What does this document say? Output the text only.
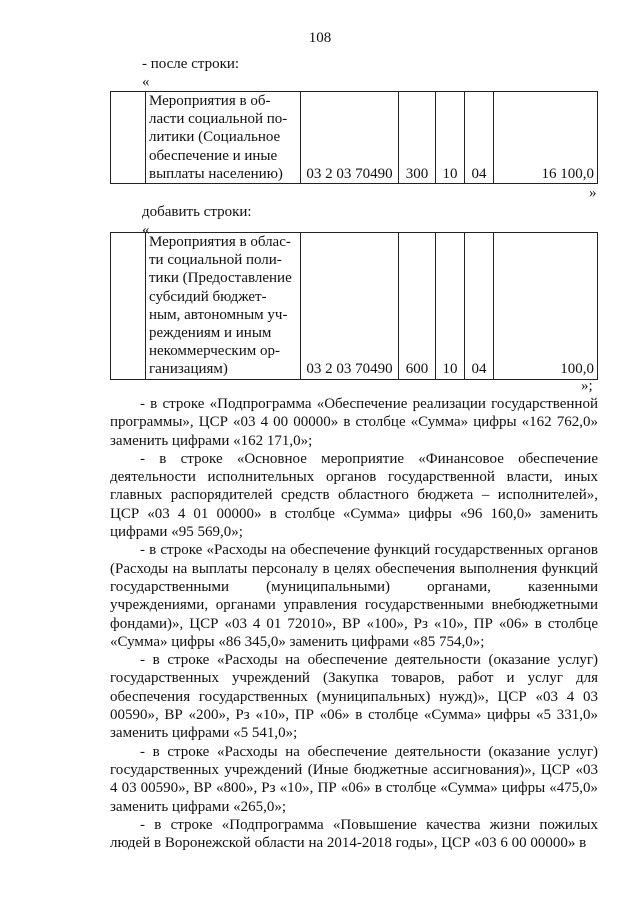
108
- после строки:
«

Мероприятия в об-
ласти социальной по-
литики (Социальное
обеспечение и иные
выплаты населению)	03 2 03 70490	300	10	04	16 100,0
»
добавить строки:
«

Мероприятия в облас-
ти социальной поли-
тики (Предоставление
субсидий бюджет-
ным, автономным уч-
реждениям и иным
некоммерческим ор-
ганизациям)	03 2 03 70490	600	10	04	100,0
»;

- в строке «Подпрограмма «Обеспечение реализации государственной программы», ЦСР «03 4 00 00000» в столбце «Сумма» цифры «162 762,0» заменить цифрами «162 171,0»;

- в строке «Основное мероприятие «Финансовое обеспечение деятельности исполнительных органов государственной власти, иных главных распорядителей средств областного бюджета – исполнителей», ЦСР «03 4 01 00000» в столбце «Сумма» цифры «96 160,0» заменить цифрами «95 569,0»;

- в строке «Расходы на обеспечение функций государственных органов (Расходы на выплаты персоналу в целях обеспечения выполнения функций государственными (муниципальными) органами, казенными учреждениями, органами управления государственными внебюджетными фондами)», ЦСР «03 4 01 72010», ВР «100», Рз «10», ПР «06» в столбце «Сумма» цифры «86 345,0» заменить цифрами «85 754,0»;

- в строке «Расходы на обеспечение деятельности (оказание услуг) государственных учреждений (Закупка товаров, работ и услуг для обеспечения государственных (муниципальных) нужд)», ЦСР «03 4 03 00590», ВР «200», Рз «10», ПР «06» в столбце «Сумма» цифры «5 331,0» заменить цифрами «5 541,0»;

- в строке «Расходы на обеспечение деятельности (оказание услуг) государственных учреждений (Иные бюджетные ассигнования)», ЦСР «03 4 03 00590», ВР «800», Рз «10», ПР «06» в столбце «Сумма» цифры «475,0» заменить цифрами «265,0»;

- в строке «Подпрограмма «Повышение качества жизни пожилых людей в Воронежской области на 2014-2018 годы», ЦСР «03 6 00 00000» в
